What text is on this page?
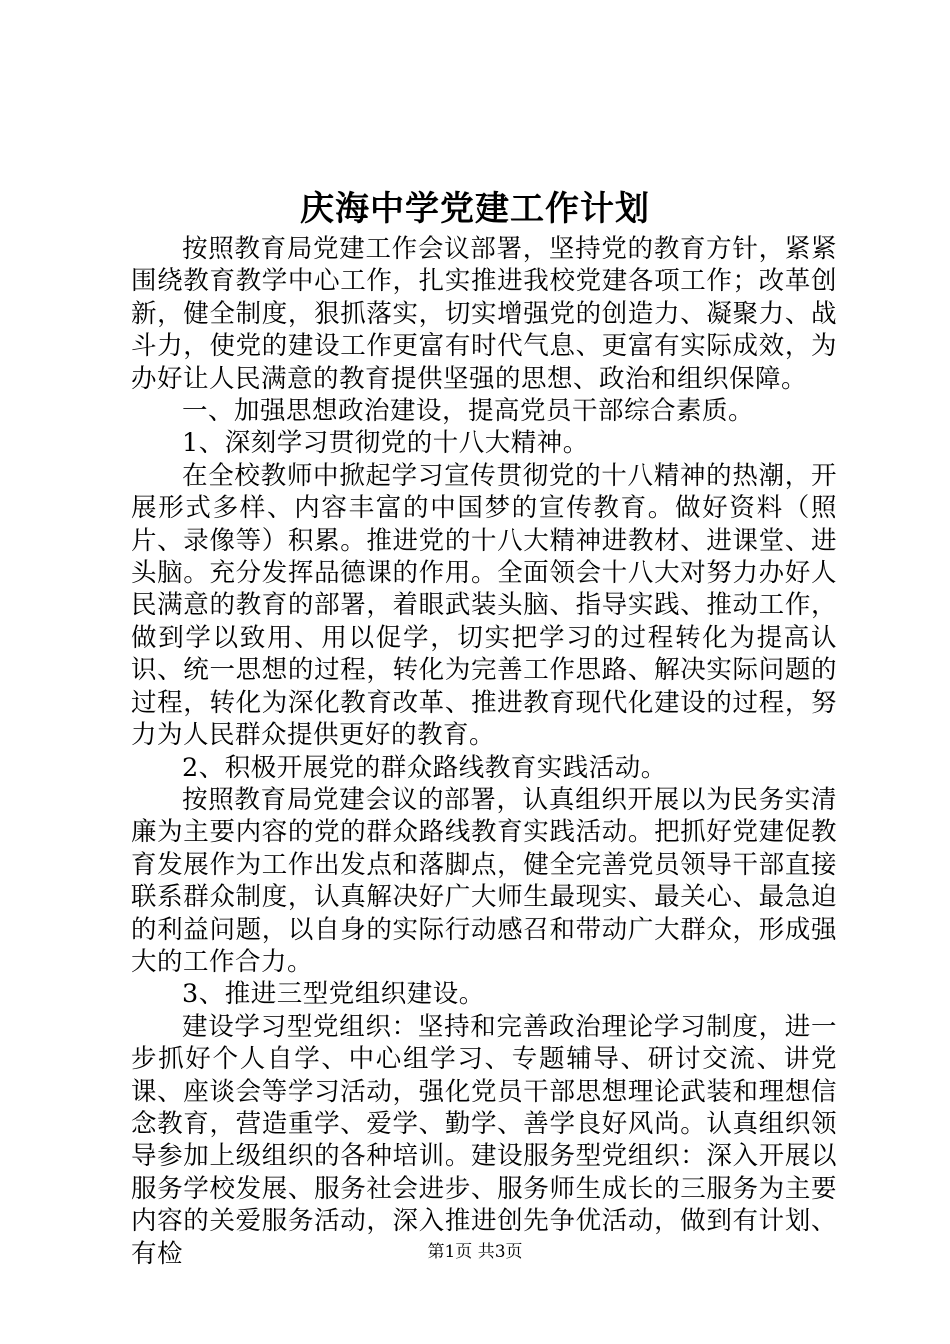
庆海中学党建工作计划

按照教育局党建工作会议部署，坚持党的教育方针，紧紧围绕教育教学中心工作，扎实推进我校党建各项工作；改革创新，健全制度，狠抓落实，切实增强党的创造力、凝聚力、战斗力，使党的建设工作更富有时代气息、更富有实际成效，为办好让人民满意的教育提供坚强的思想、政治和组织保障。

一、加强思想政治建设，提高党员干部综合素质。

1、深刻学习贯彻党的十八大精神。

在全校教师中掀起学习宣传贯彻党的十八精神的热潮，开展形式多样、内容丰富的中国梦的宣传教育。做好资料（照片、录像等）积累。推进党的十八大精神进教材、进课堂、进头脑。充分发挥品德课的作用。全面领会十八大对努力办好人民满意的教育的部署，着眼武装头脑、指导实践、推动工作，做到学以致用、用以促学，切实把学习的过程转化为提高认识、统一思想的过程，转化为完善工作思路、解决实际问题的过程，转化为深化教育改革、推进教育现代化建设的过程，努力为人民群众提供更好的教育。

2、积极开展党的群众路线教育实践活动。

按照教育局党建会议的部署，认真组织开展以为民务实清廉为主要内容的党的群众路线教育实践活动。把抓好党建促教育发展作为工作出发点和落脚点，健全完善党员领导干部直接联系群众制度，认真解决好广大师生最现实、最关心、最急迫的利益问题，以自身的实际行动感召和带动广大群众，形成强大的工作合力。

3、推进三型党组织建设。

建设学习型党组织：坚持和完善政治理论学习制度，进一步抓好个人自学、中心组学习、专题辅导、研讨交流、讲党课、座谈会等学习活动，强化党员干部思想理论武装和理想信念教育，营造重学、爱学、勤学、善学良好风尚。认真组织领导参加上级组织的各种培训。建设服务型党组织：深入开展以服务学校发展、服务社会进步、服务师生成长的三服务为主要内容的关爱服务活动，深入推进创先争优活动，做到有计划、有检	第1页 共3页
